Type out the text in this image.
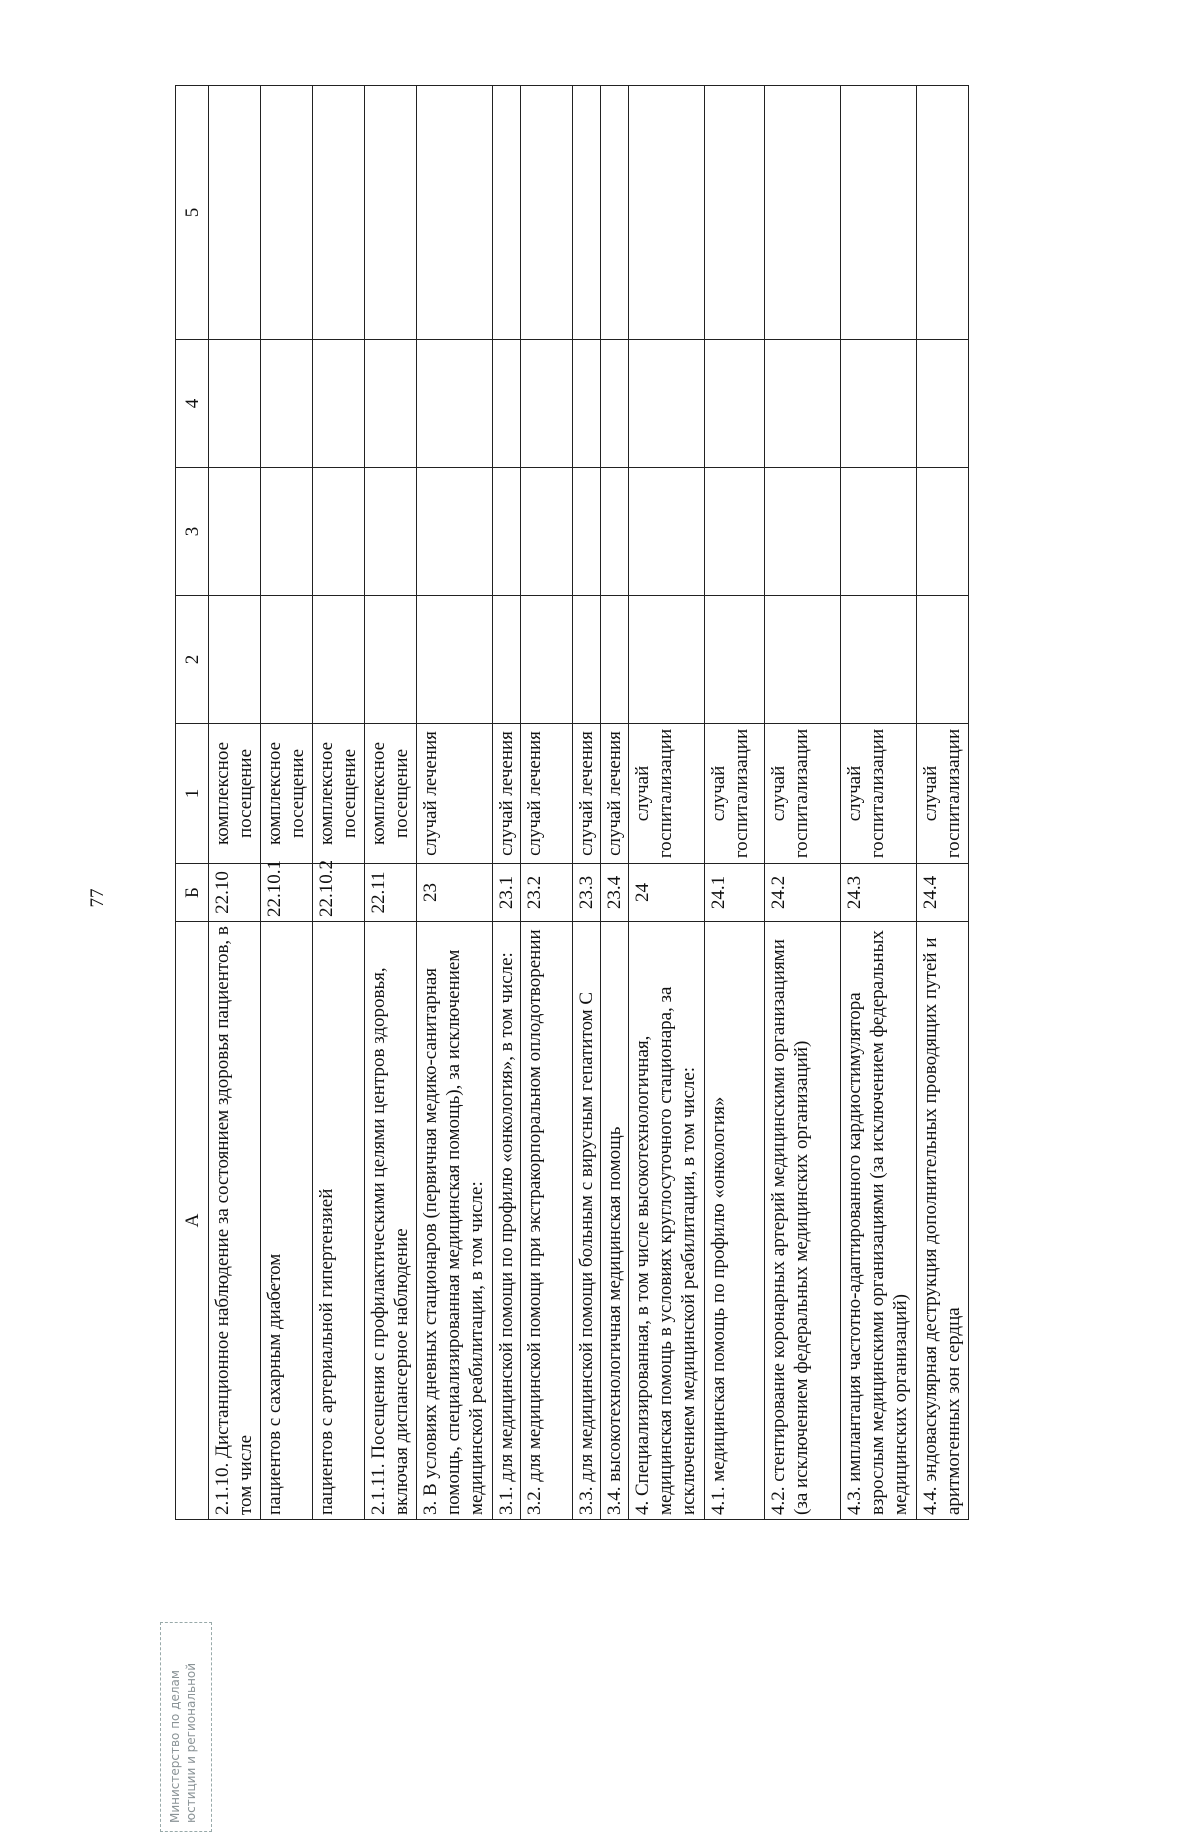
77
А	Б	1	2	3	4	5
2.1.10. Дистанционное наблюдение за состоянием здоровья пациентов, в том числе	22.10	комплексное посещение				
пациентов с сахарным диабетом	22.10.1	комплексное посещение				
пациентов с артериальной гипертензией	22.10.2	комплексное посещение				
2.1.11. Посещения с профилактическими целями центров здоровья, включая диспансерное наблюдение	22.11	комплексное посещение				
3. В условиях дневных стационаров (первичная медико-санитарная помощь, специализированная медицинская помощь), за исключением медицинской реабилитации, в том числе:	23	случай лечения				
3.1. для медицинской помощи по профилю «онкология», в том числе:	23.1	случай лечения				
3.2. для медицинской помощи при экстракорпоральном оплодотворении	23.2	случай лечения				
3.3. для медицинской помощи больным с вирусным гепатитом С	23.3	случай лечения				
3.4. высокотехнологичная медицинская помощь	23.4	случай лечения				
4. Специализированная, в том числе высокотехнологичная, медицинская помощь в условиях круглосуточного стационара, за исключением медицинской реабилитации, в том числе:	24	случай госпитализации				
4.1. медицинская помощь по профилю «онкология»	24.1	случай госпитализации				
4.2. стентирование коронарных артерий медицинскими организациями (за исключением федеральных медицинских организаций)	24.2	случай госпитализации				
4.3. имплантация частотно-адаптированного кардиостимулятора взрослым медицинскими организациями (за исключением федеральных медицинских организаций)	24.3	случай госпитализации				
4.4. эндоваскулярная деструкция дополнительных проводящих путей и аритмогенных зон сердца	24.4	случай госпитализации				
Министерство по делам юстиции и региональной
